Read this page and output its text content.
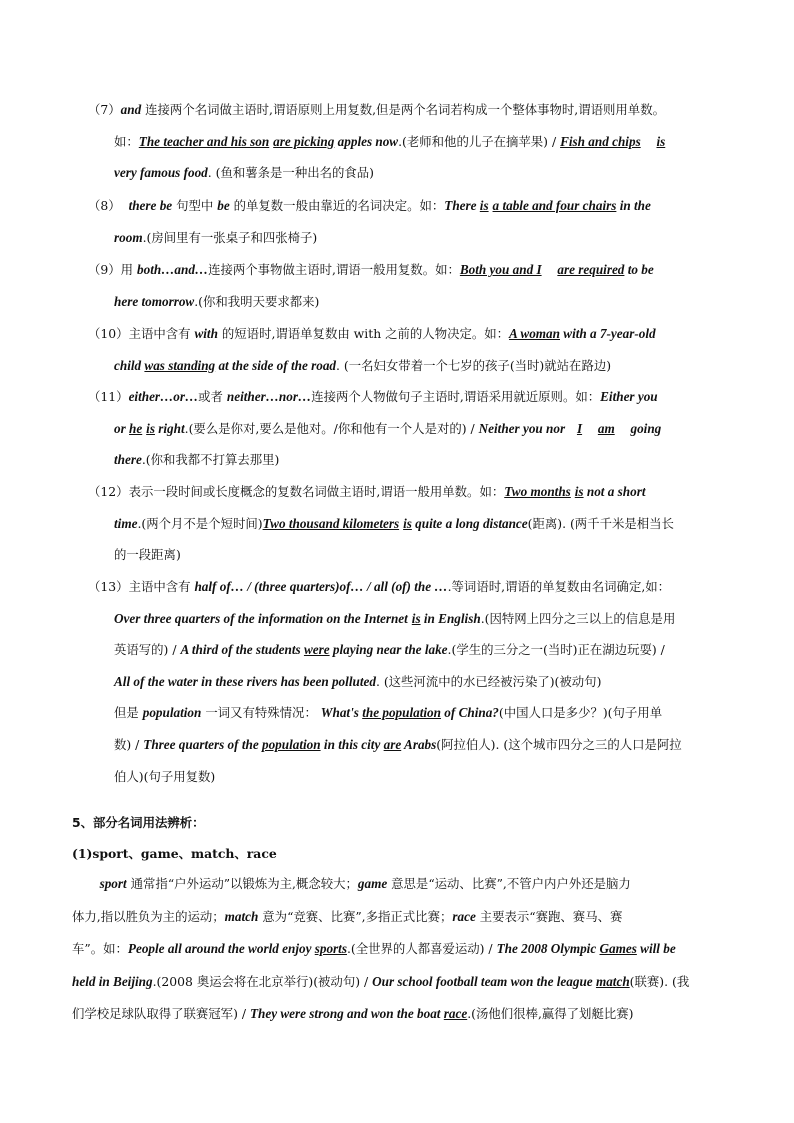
（7）and 连接两个名词做主语时,谓语原则上用复数,但是两个名词若构成一个整体事物时,谓语则用单数。
如：The teacher and his son are picking apples now.(老师和他的儿子在摘苹果) / Fish and chips is
very famous food. (鱼和薯条是一种出名的食品)
（8） there be 句型中 be 的单复数一般由靠近的名词决定。如：There is a table and four chairs in the
room.(房间里有一张桌子和四张椅子)
（9）用 both…and…连接两个事物做主语时,谓语一般用复数。如：Both you and I are required to be
here tomorrow.(你和我明天要求都来)
（10）主语中含有 with 的短语时,谓语单复数由 with 之前的人物决定。如：A woman with a 7-year-old
child was standing at the side of the road. (一名妇女带着一个七岁的孩子(当时)就站在路边)
（11）either…or…或者 neither…nor…连接两个人物做句子主语时,谓语采用就近原则。如：Either you
or he is right.(要么是你对,要么是他对。/你和他有一个人是对的) / Neither you nor I am going
there.(你和我都不打算去那里)
（12）表示一段时间或长度概念的复数名词做主语时,谓语一般用单数。如：Two months is not a short
time.(两个月不是个短时间)Two thousand kilometers is quite a long distance(距离). (两千千米是相当长
的一段距离)
（13）主语中含有 half of… / (three quarters)of… / all (of) the ….等词语时,谓语的单复数由名词确定,如：
Over three quarters of the information on the Internet is in English.(因特网上四分之三以上的信息是用
英语写的) / A third of the students were playing near the lake.(学生的三分之一(当时)正在湖边玩耍) /
All of the water in these rivers has been polluted. (这些河流中的水已经被污染了)(被动句)
但是 population 一词又有特殊情况： What's the population of China?(中国人口是多少？)(句子用单
数) / Three quarters of the population in this city are Arabs(阿拉伯人). (这个城市四分之三的人口是阿拉
伯人)(句子用复数)
5、部分名词用法辨析：
(1)sport、game、match、race
sport 通常指“户外运动”以锻炼为主,概念较大；game 意思是“运动、比赛”,不管户内户外还是脑力
体力,指以胜负为主的运动；match 意为“竞赛、比赛”,多指正式比赛；race 主要表示“赛跑、赛马、赛
车”。如：People all around the world enjoy sports.(全世界的人都喜爱运动) / The 2008 Olympic Games will be
held in Beijing.(2008 奥运会将在北京举行)(被动句) / Our school football team won the league match(联赛). (我
们学校足球队取得了联赛冠军) / They were strong and won the boat race.(汤他们很棒,赢得了划艇比赛)
